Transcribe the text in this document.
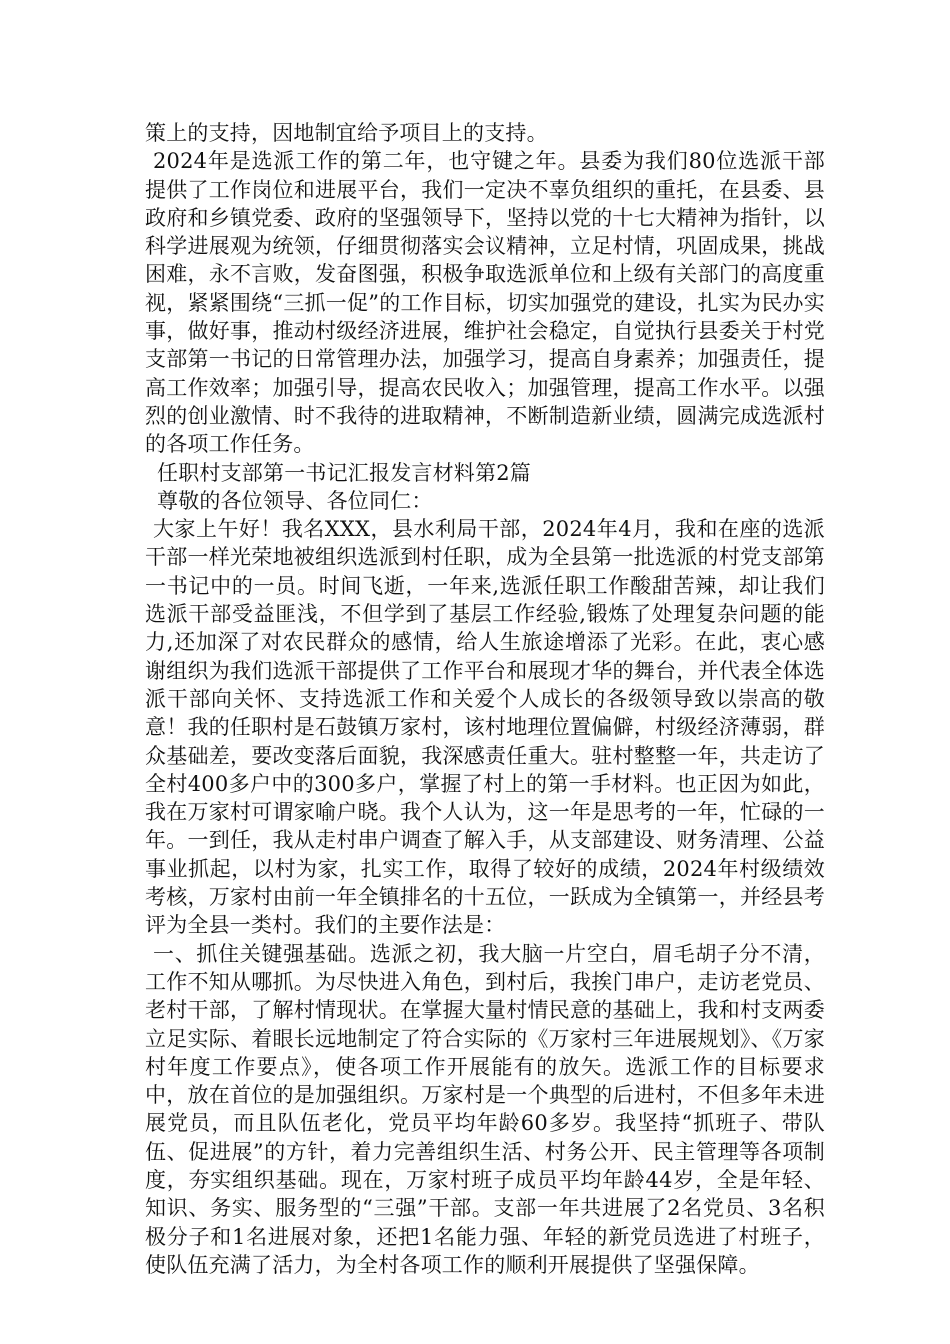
策上的支持，因地制宜给予项目上的支持。

2024年是选派工作的第二年，也守键之年。县委为我们80位选派干部提供了工作岗位和进展平台，我们一定决不辜负组织的重托，在县委、县政府和乡镇党委、政府的坚强领导下，坚持以党的十七大精神为指针，以科学进展观为统领，仔细贯彻落实会议精神，立足村情，巩固成果，挑战困难，永不言败，发奋图强，积极争取选派单位和上级有关部门的高度重视，紧紧围绕“三抓一促”的工作目标，切实加强党的建设，扎实为民办实事，做好事，推动村级经济进展，维护社会稳定，自觉执行县委关于村党支部第一书记的日常管理办法，加强学习，提高自身素养；加强责任，提高工作效率；加强引导，提高农民收入；加强管理，提高工作水平。以强烈的创业激情、时不我待的进取精神，不断制造新业绩，圆满完成选派村的各项工作任务。

任职村支部第一书记汇报发言材料第2篇

尊敬的各位领导、各位同仁：

大家上午好！我名XXX，县水利局干部，2024年4月，我和在座的选派干部一样光荣地被组织选派到村任职，成为全县第一批选派的村党支部第一书记中的一员。时间飞逝，一年来,选派任职工作酸甜苦辣，却让我们选派干部受益匪浅，不但学到了基层工作经验,锻炼了处理复杂问题的能力,还加深了对农民群众的感情，给人生旅途增添了光彩。在此，衷心感谢组织为我们选派干部提供了工作平台和展现才华的舞台，并代表全体选派干部向关怀、支持选派工作和关爱个人成长的各级领导致以崇高的敬意！我的任职村是石鼓镇万家村，该村地理位置偏僻，村级经济薄弱，群众基础差，要改变落后面貌，我深感责任重大。驻村整整一年，共走访了全村400多户中的300多户，掌握了村上的第一手材料。也正因为如此，我在万家村可谓家喻户晓。我个人认为，这一年是思考的一年，忙碌的一年。一到任，我从走村串户调查了解入手，从支部建设、财务清理、公益事业抓起，以村为家，扎实工作，取得了较好的成绩，2024年村级绩效考核，万家村由前一年全镇排名的十五位，一跃成为全镇第一，并经县考评为全县一类村。我们的主要作法是：

一、抓住关键强基础。选派之初，我大脑一片空白，眉毛胡子分不清，工作不知从哪抓。为尽快进入角色，到村后，我挨门串户，走访老党员、老村干部，了解村情现状。在掌握大量村情民意的基础上，我和村支两委立足实际、着眼长远地制定了符合实际的《万家村三年进展规划》、《万家村年度工作要点》，使各项工作开展能有的放矢。选派工作的目标要求中，放在首位的是加强组织。万家村是一个典型的后进村，不但多年未进展党员，而且队伍老化，党员平均年龄60多岁。我坚持“抓班子、带队伍、促进展”的方针，着力完善组织生活、村务公开、民主管理等各项制度，夯实组织基础。现在，万家村班子成员平均年龄44岁，全是年轻、知识、务实、服务型的“三强”干部。支部一年共进展了2名党员、3名积极分子和1名进展对象，还把1名能力强、年轻的新党员选进了村班子，使队伍充满了活力，为全村各项工作的顺利开展提供了坚强保障。
